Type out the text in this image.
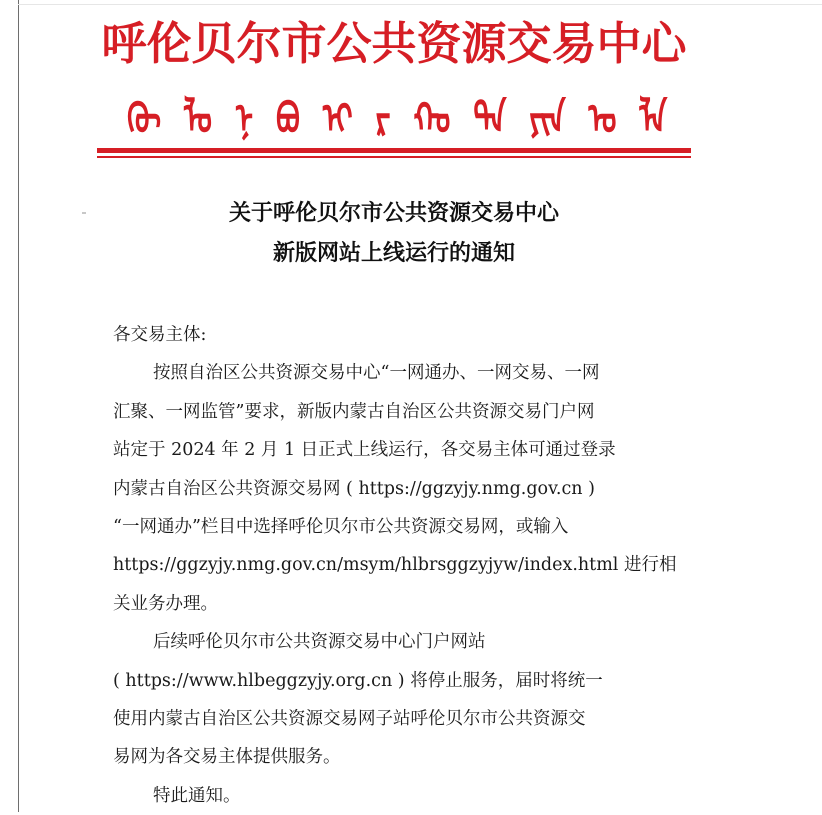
呼伦贝尔市公共资源交易中心
ᠬᠥ ᠯᠤ ᠨ ᠪᠤ ᠢ ᠷ ᠬᠣ ᠲᠠ ᠶᠢᠨ ᠣ ᠯᠠ
关于呼伦贝尔市公共资源交易中心
新版网站上线运行的通知
各交易主体:
按照自治区公共资源交易中心“一网通办、一网交易、一网
汇聚、一网监管”要求，新版内蒙古自治区公共资源交易门户网
站定于 2024 年 2 月 1 日正式上线运行，各交易主体可通过登录
内蒙古自治区公共资源交易网 ( https://ggzyjy.nmg.gov.cn )
“一网通办”栏目中选择呼伦贝尔市公共资源交易网，或输入
https://ggzyjy.nmg.gov.cn/msym/hlbrsggzyjyw/index.html 进行相
关业务办理。
后续呼伦贝尔市公共资源交易中心门户网站
( https://www.hlbeggzyjy.org.cn ) 将停止服务，届时将统一
使用内蒙古自治区公共资源交易网子站呼伦贝尔市公共资源交
易网为各交易主体提供服务。
特此通知。
